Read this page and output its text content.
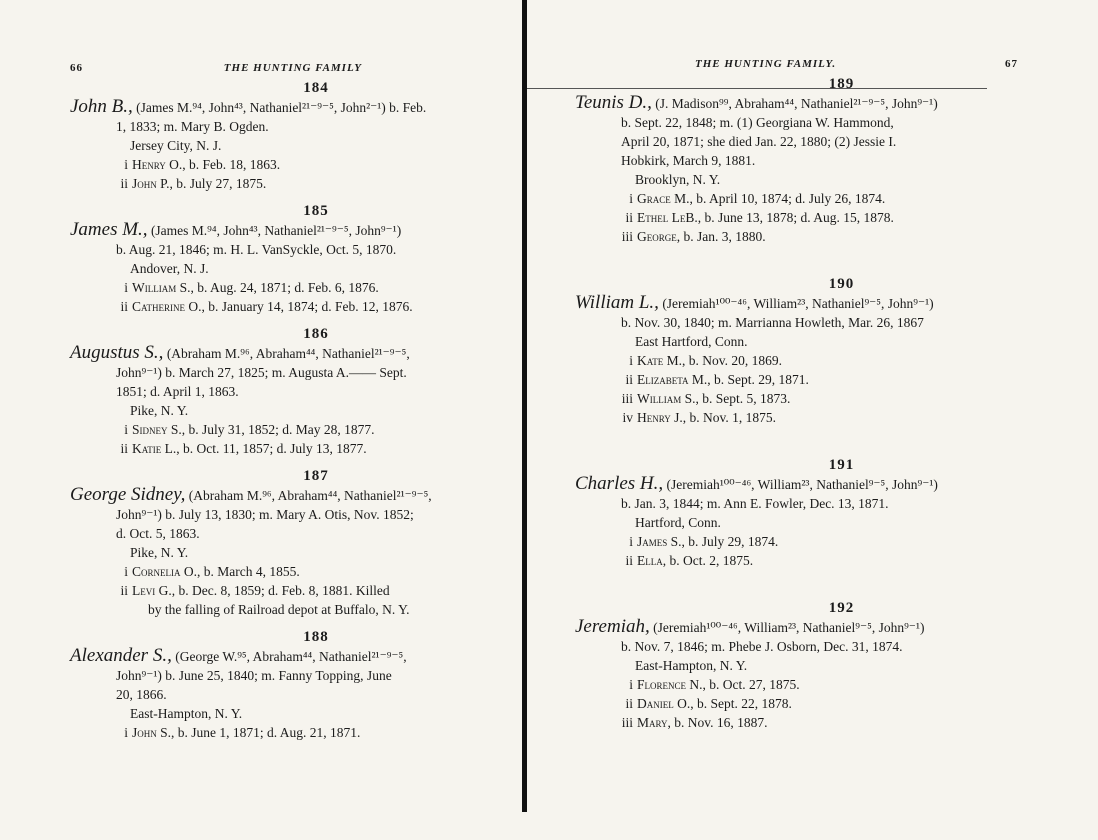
66	THE HUNTING FAMILY
184

John B., (James M.⁹⁴, John⁴³, Nathaniel²¹⁻⁹⁻⁵, John²⁻¹) b. Feb.

1, 1833; m. Mary B. Ogden.

Jersey City, N. J.

i Henry O., b. Feb. 18, 1863.

ii John P., b. July 27, 1875.

185

James M., (James M.⁹⁴, John⁴³, Nathaniel²¹⁻⁹⁻⁵, John⁹⁻¹)

b. Aug. 21, 1846; m. H. L. VanSyckle, Oct. 5, 1870.

Andover, N. J.

i William S., b. Aug. 24, 1871; d. Feb. 6, 1876.

ii Catherine O., b. January 14, 1874; d. Feb. 12, 1876.

186

Augustus S., (Abraham M.⁹⁶, Abraham⁴⁴, Nathaniel²¹⁻⁹⁻⁵,

John⁹⁻¹) b. March 27, 1825; m. Augusta A.—— Sept.

1851; d. April 1, 1863.

Pike, N. Y.

i Sidney S., b. July 31, 1852; d. May 28, 1877.

ii Katie L., b. Oct. 11, 1857; d. July 13, 1877.

187

George Sidney, (Abraham M.⁹⁶, Abraham⁴⁴, Nathaniel²¹⁻⁹⁻⁵,

John⁹⁻¹) b. July 13, 1830; m. Mary A. Otis, Nov. 1852;

d. Oct. 5, 1863.

Pike, N. Y.

i Cornelia O., b. March 4, 1855.

ii Levi G., b. Dec. 8, 1859; d. Feb. 8, 1881. Killed

by the falling of Railroad depot at Buffalo, N. Y.

188

Alexander S., (George W.⁹⁵, Abraham⁴⁴, Nathaniel²¹⁻⁹⁻⁵,

John⁹⁻¹) b. June 25, 1840; m. Fanny Topping, June

20, 1866.

East-Hampton, N. Y.

i John S., b. June 1, 1871; d. Aug. 21, 1871.

THE HUNTING FAMILY.	67
189

Teunis D., (J. Madison⁹⁹, Abraham⁴⁴, Nathaniel²¹⁻⁹⁻⁵, John⁹⁻¹)

b. Sept. 22, 1848; m. (1) Georgiana W. Hammond,

April 20, 1871; she died Jan. 22, 1880; (2) Jessie I.

Hobkirk, March 9, 1881.

Brooklyn, N. Y.

i Grace M., b. April 10, 1874; d. July 26, 1874.

ii Ethel LeB., b. June 13, 1878; d. Aug. 15, 1878.

iii George, b. Jan. 3, 1880.

190

William L., (Jeremiah¹⁰⁰⁻⁴⁶, William²³, Nathaniel⁹⁻⁵, John⁹⁻¹)

b. Nov. 30, 1840; m. Marrianna Howleth, Mar. 26, 1867

East Hartford, Conn.

i Kate M., b. Nov. 20, 1869.

ii Elizabeta M., b. Sept. 29, 1871.

iii William S., b. Sept. 5, 1873.

iv Henry J., b. Nov. 1, 1875.

191

Charles H., (Jeremiah¹⁰⁰⁻⁴⁶, William²³, Nathaniel⁹⁻⁵, John⁹⁻¹)

b. Jan. 3, 1844; m. Ann E. Fowler, Dec. 13, 1871.

Hartford, Conn.

i James S., b. July 29, 1874.

ii Ella, b. Oct. 2, 1875.

192

Jeremiah, (Jeremiah¹⁰⁰⁻⁴⁶, William²³, Nathaniel⁹⁻⁵, John⁹⁻¹)

b. Nov. 7, 1846; m. Phebe J. Osborn, Dec. 31, 1874.

East-Hampton, N. Y.

i Florence N., b. Oct. 27, 1875.

ii Daniel O., b. Sept. 22, 1878.

iii Mary, b. Nov. 16, 1887.
